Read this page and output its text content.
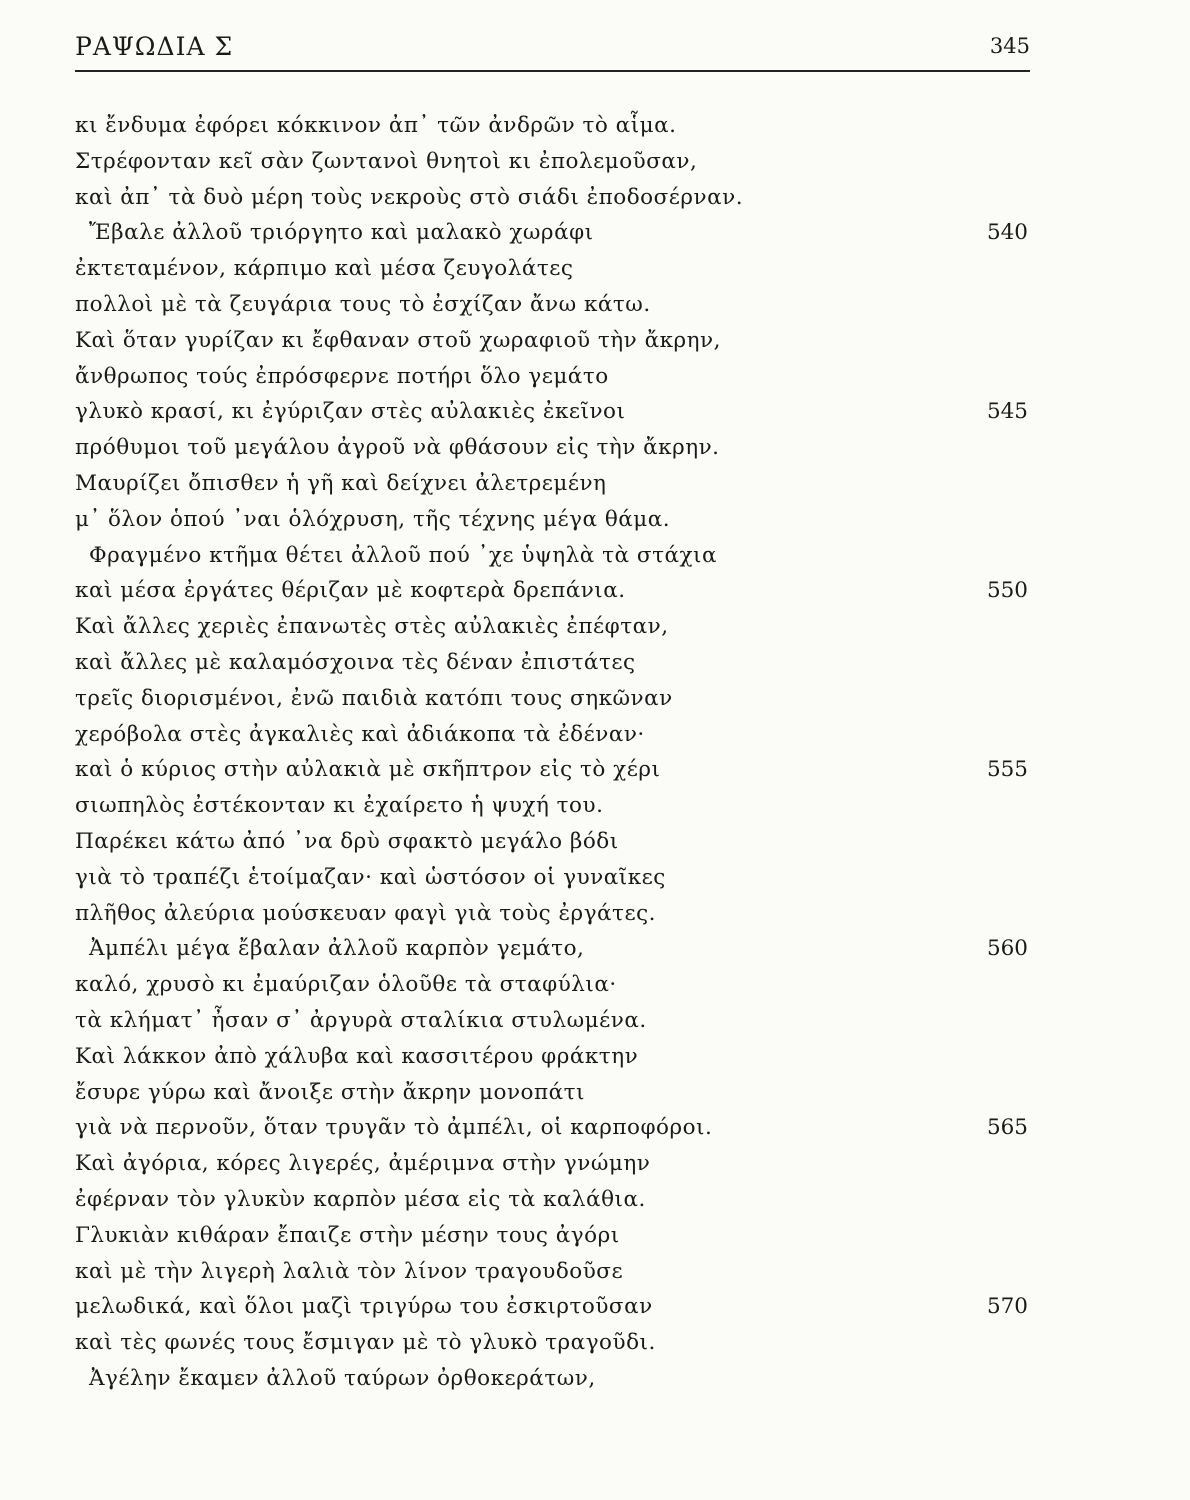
ΡΑΨΩΔΙΑ Σ	345
κι ἔνδυμα ἐφόρει κόκκινον ἀπ᾽ τῶν ἀνδρῶν τὸ αἷμα.
Στρέφονταν κεῖ σὰν ζωντανοὶ θνητοὶ κι ἐπολεμοῦσαν,
καὶ ἀπ᾽ τὰ δυὸ μέρη τοὺς νεκροὺς στὸ σιάδι ἐποδοσέρναν.
Ἔβαλε ἀλλοῦ τριόργητο καὶ μαλακὸ χωράφι	540
ἐκτεταμένον, κάρπιμο καὶ μέσα ζευγολάτες
πολλοὶ μὲ τὰ ζευγάρια τους τὸ ἐσχίζαν ἄνω κάτω.
Καὶ ὅταν γυρίζαν κι ἔφθαναν στοῦ χωραφιοῦ τὴν ἄκρην,
ἄνθρωπος τούς ἐπρόσφερνε ποτήρι ὅλο γεμάτο
γλυκὸ κρασί, κι ἐγύριζαν στὲς αὐλακιὲς ἐκεῖνοι	545
πρόθυμοι τοῦ μεγάλου ἀγροῦ νὰ φθάσουν εἰς τὴν ἄκρην.
Μαυρίζει ὄπισθεν ἡ γῆ καὶ δείχνει ἀλετρεμένη
μ᾽ ὅλον ὁπού ᾽ναι ὁλόχρυση, τῆς τέχνης μέγα θάμα.
Φραγμένο κτῆμα θέτει ἀλλοῦ πού ᾽χε ὑψηλὰ τὰ στάχια
καὶ μέσα ἐργάτες θέριζαν μὲ κοφτερὰ δρεπάνια.	550
Καὶ ἄλλες χεριὲς ἐπανωτὲς στὲς αὐλακιὲς ἐπέφταν,
καὶ ἄλλες μὲ καλαμόσχοινα τὲς δέναν ἐπιστάτες
τρεῖς διορισμένοι, ἐνῶ παιδιὰ κατόπι τους σηκῶναν
χερόβολα στὲς ἀγκαλιὲς καὶ ἀδιάκοπα τὰ ἐδέναν·
καὶ ὁ κύριος στὴν αὐλακιὰ μὲ σκῆπτρον εἰς τὸ χέρι	555
σιωπηλὸς ἐστέκονταν κι ἐχαίρετο ἡ ψυχή του.
Παρέκει κάτω ἀπό ᾽να δρὺ σφακτὸ μεγάλο βόδι
γιὰ τὸ τραπέζι ἑτοίμαζαν· καὶ ὡστόσον οἱ γυναῖκες
πλῆθος ἀλεύρια μούσκευαν φαγὶ γιὰ τοὺς ἐργάτες.
Ἀμπέλι μέγα ἔβαλαν ἀλλοῦ καρπὸν γεμάτο,	560
καλό, χρυσὸ κι ἐμαύριζαν ὁλοῦθε τὰ σταφύλια·
τὰ κλήματ᾽ ἦσαν σ᾽ ἀργυρὰ σταλίκια στυλωμένα.
Καὶ λάκκον ἀπὸ χάλυβα καὶ κασσιτέρου φράκτην
ἔσυρε γύρω καὶ ἄνοιξε στὴν ἄκρην μονοπάτι
γιὰ νὰ περνοῦν, ὅταν τρυγᾶν τὸ ἀμπέλι, οἱ καρποφόροι.	565
Καὶ ἀγόρια, κόρες λιγερές, ἀμέριμνα στὴν γνώμην
ἐφέρναν τὸν γλυκὺν καρπὸν μέσα εἰς τὰ καλάθια.
Γλυκιὰν κιθάραν ἔπαιζε στὴν μέσην τους ἀγόρι
καὶ μὲ τὴν λιγερὴ λαλιὰ τὸν λίνον τραγουδοῦσε
μελωδικά, καὶ ὅλοι μαζὶ τριγύρω του ἐσκιρτοῦσαν	570
καὶ τὲς φωνές τους ἔσμιγαν μὲ τὸ γλυκὸ τραγοῦδι.
Ἀγέλην ἔκαμεν ἀλλοῦ ταύρων ὀρθοκεράτων,
